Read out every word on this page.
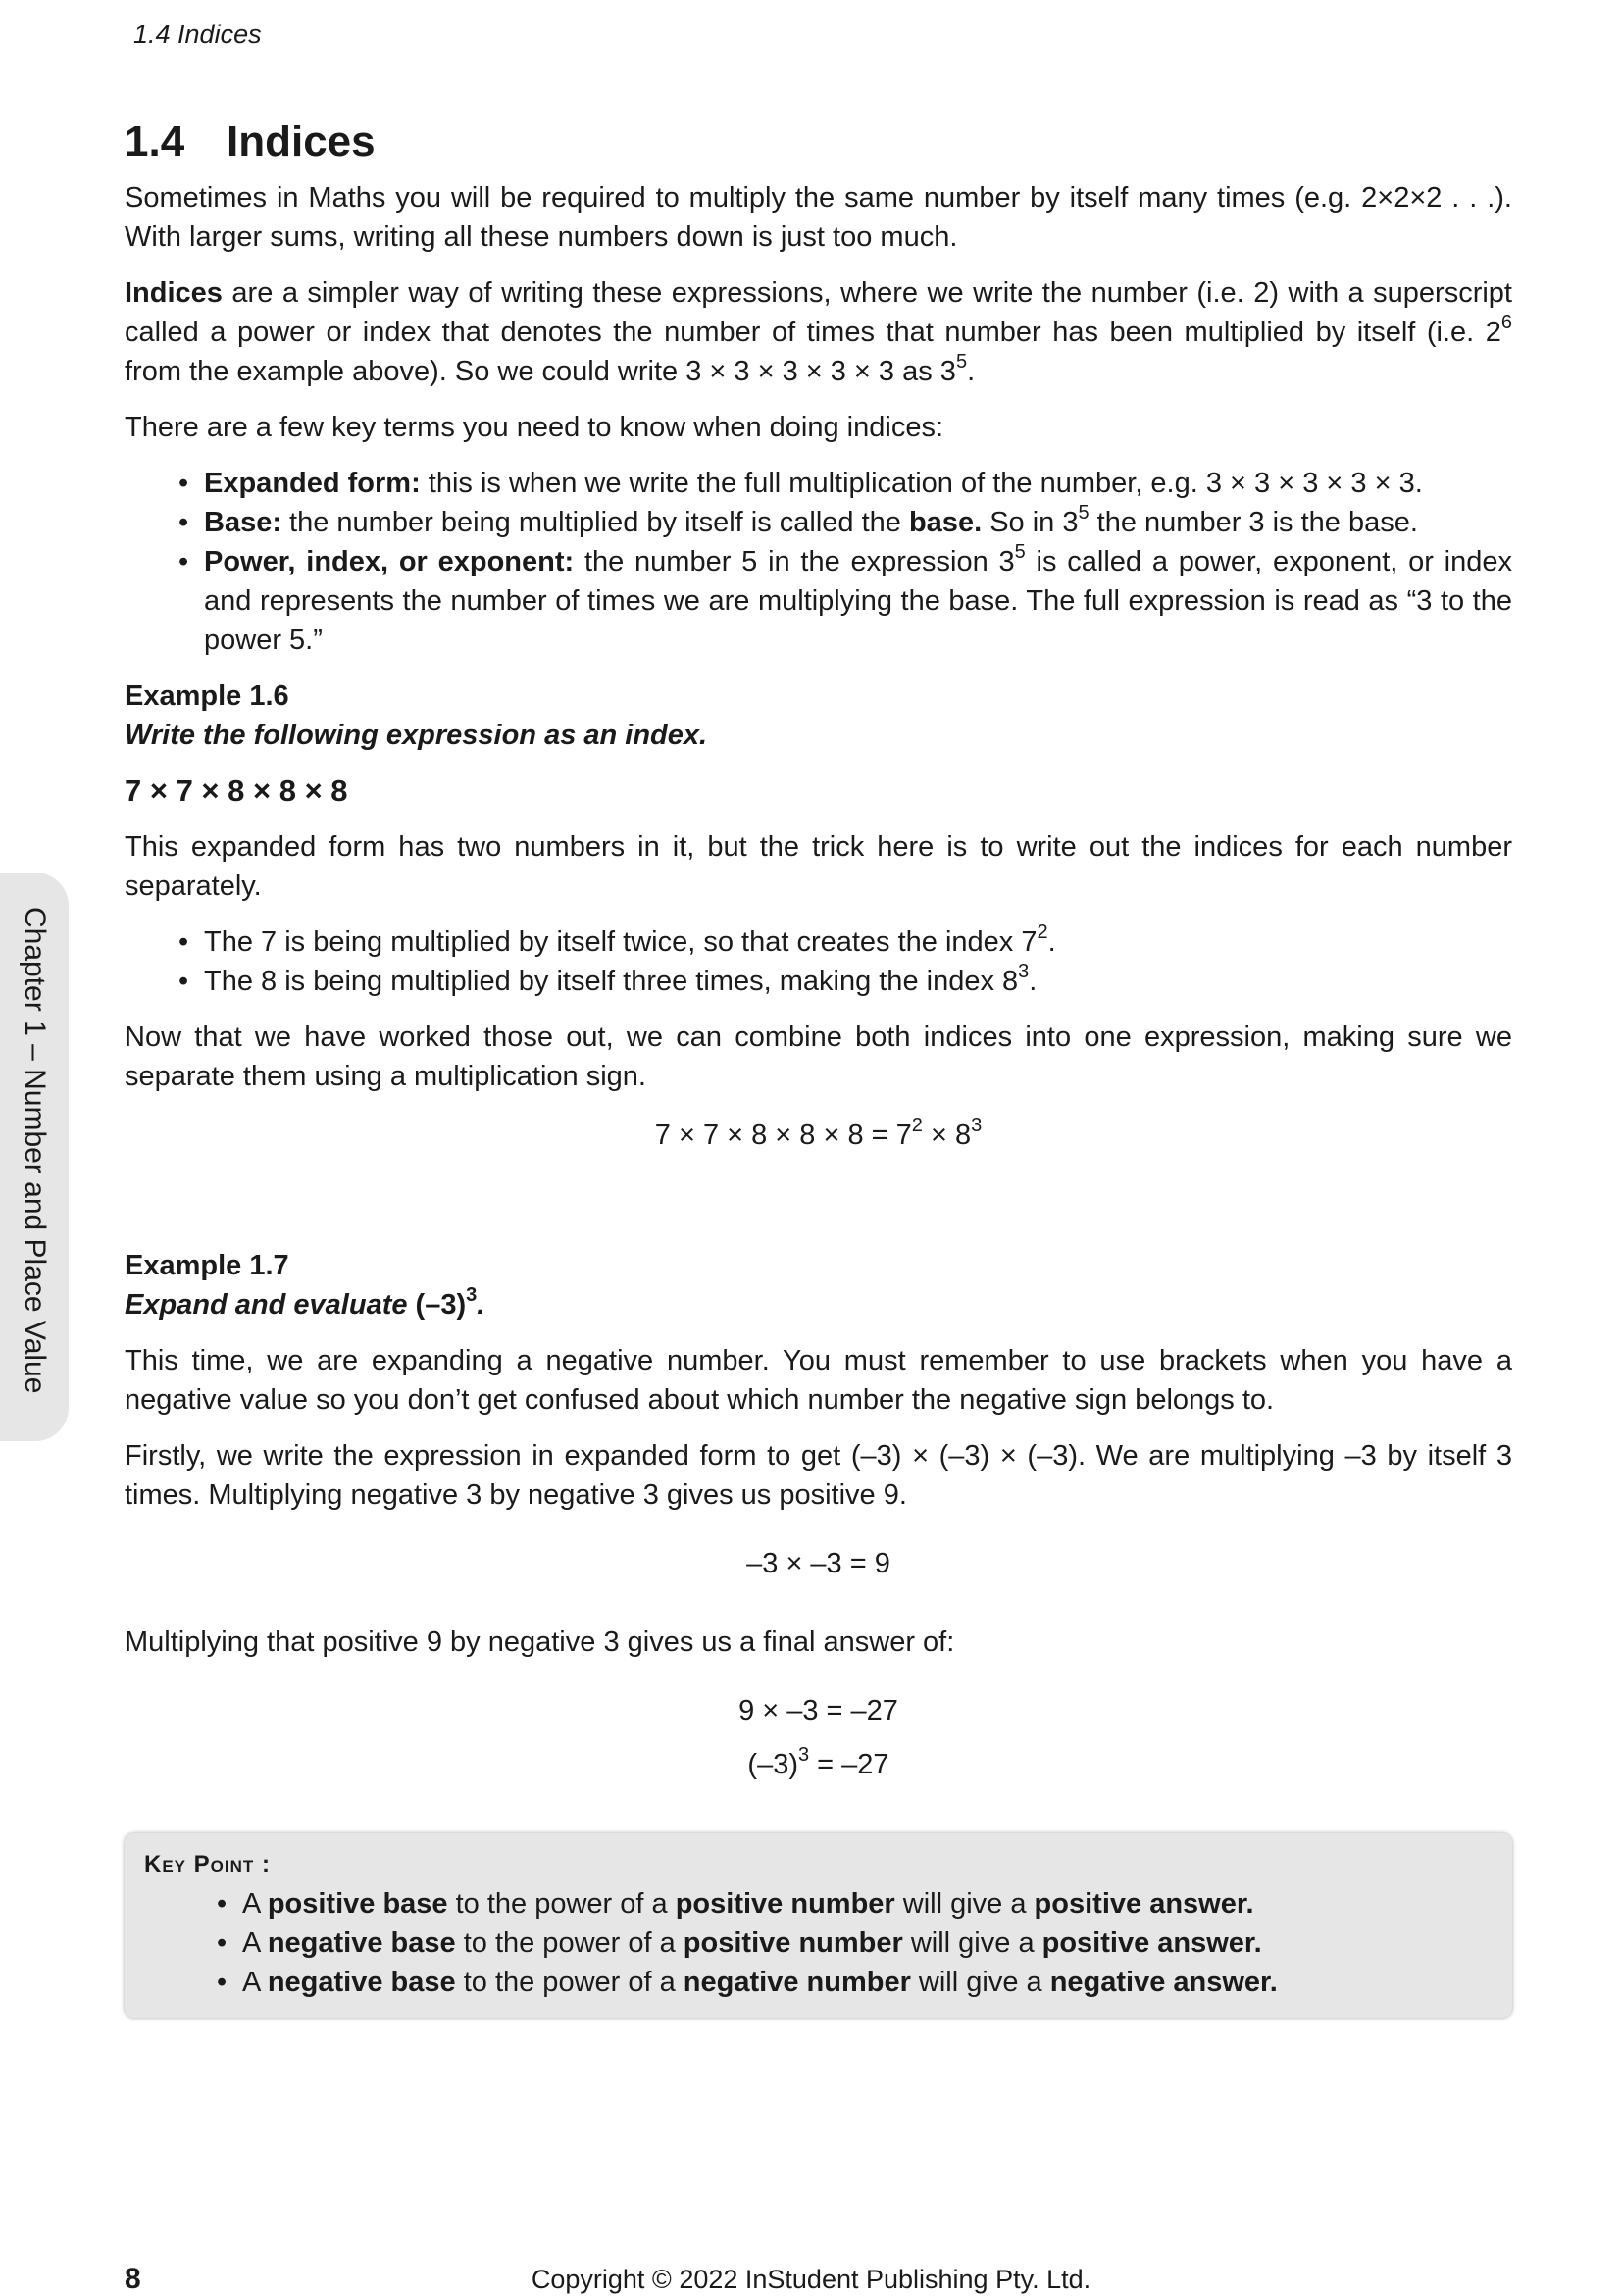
1.4 Indices
Chapter 1 – Number and Place Value
1.4 Indices

Sometimes in Maths you will be required to multiply the same number by itself many times (e.g. 2×2×2 . . .). With larger sums, writing all these numbers down is just too much.

Indices are a simpler way of writing these expressions, where we write the number (i.e. 2) with a superscript called a power or index that denotes the number of times that number has been multiplied by itself (i.e. $2^6$ from the example above). So we could write 3 × 3 × 3 × 3 × 3 as $3^5$.

There are a few key terms you need to know when doing indices:

• Expanded form: this is when we write the full multiplication of the number, e.g. 3 × 3 × 3 × 3 × 3.
• Base: the number being multiplied by itself is called the base. So in $3^5$ the number 3 is the base.
• Power, index, or exponent: the number 5 in the expression $3^5$ is called a power, exponent, or index and represents the number of times we are multiplying the base. The full expression is read as “3 to the power 5.”
Example 1.6
Write the following expression as an index.
7 × 7 × 8 × 8 × 8

This expanded form has two numbers in it, but the trick here is to write out the indices for each number separately.

• The 7 is being multiplied by itself twice, so that creates the index $7^2$.
• The 8 is being multiplied by itself three times, making the index $8^3$.

Now that we have worked those out, we can combine both indices into one expression, making sure we separate them using a multiplication sign.

$7 \times 7 \times 8 \times 8 \times 8 = 7^2 \times 8^3$
Example 1.7
Expand and evaluate $(-3)^3$.

This time, we are expanding a negative number. You must remember to use brackets when you have a negative value so you don’t get confused about which number the negative sign belongs to.

Firstly, we write the expression in expanded form to get (–3) × (–3) × (–3). We are multiplying –3 by itself 3 times. Multiplying negative 3 by negative 3 gives us positive 9.

–3 × –3 = 9

Multiplying that positive 9 by negative 3 gives us a final answer of:

9 × –3 = –27
$(-3)^3 = -27$
Key Point :
• A positive base to the power of a positive number will give a positive answer.
• A negative base to the power of a positive number will give a positive answer.
• A negative base to the power of a negative number will give a negative answer.
8	Copyright © 2022 InStudent Publishing Pty. Ltd.
